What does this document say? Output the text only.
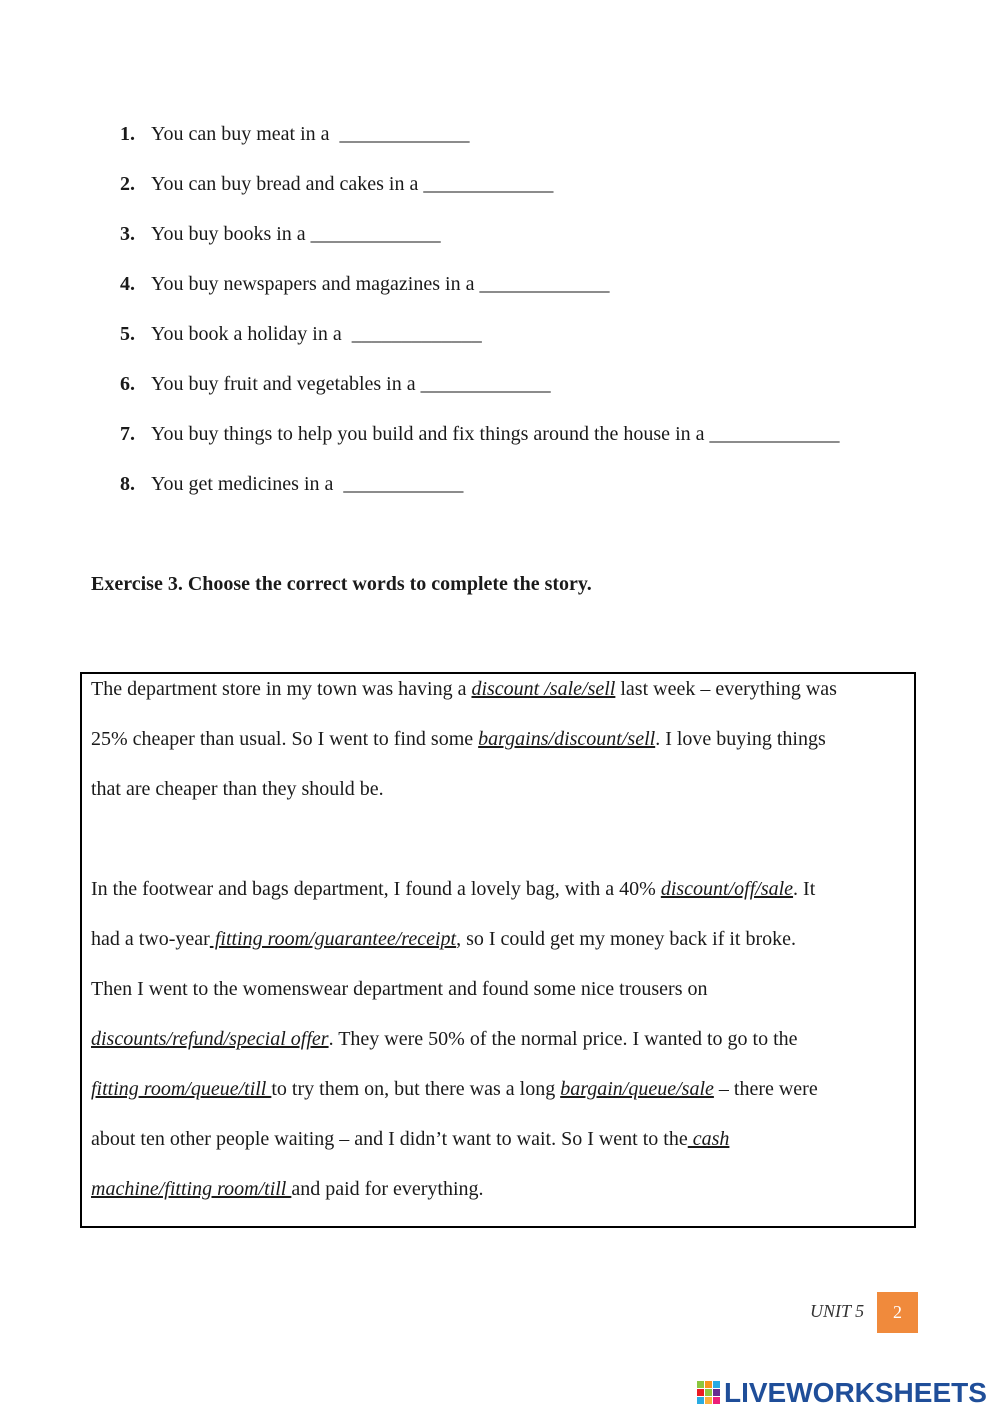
1. You can buy meat in a _____________
2. You can buy bread and cakes in a _____________
3. You buy books in a _____________
4. You buy newspapers and magazines in a _____________
5. You book a holiday in a _____________
6. You buy fruit and vegetables in a _____________
7. You buy things to help you build and fix things around the house in a _____________
8. You get medicines in a ____________
Exercise 3. Choose the correct words to complete the story.
The department store in my town was having a discount /sale/sell last week – everything was
25% cheaper than usual. So I went to find some bargains/discount/sell. I love buying things
that are cheaper than they should be.
In the footwear and bags department, I found a lovely bag, with a 40% discount/off/sale. It
had a two-year fitting room/guarantee/receipt, so I could get my money back if it broke.
Then I went to the womenswear department and found some nice trousers on
discounts/refund/special offer. They were 50% of the normal price. I wanted to go to the
fitting room/queue/till to try them on, but there was a long bargain/queue/sale – there were
about ten other people waiting – and I didn’t want to wait. So I went to the cash
machine/fitting room/till and paid for everything.
UNIT 5	2
LIVEWORKSHEETS
